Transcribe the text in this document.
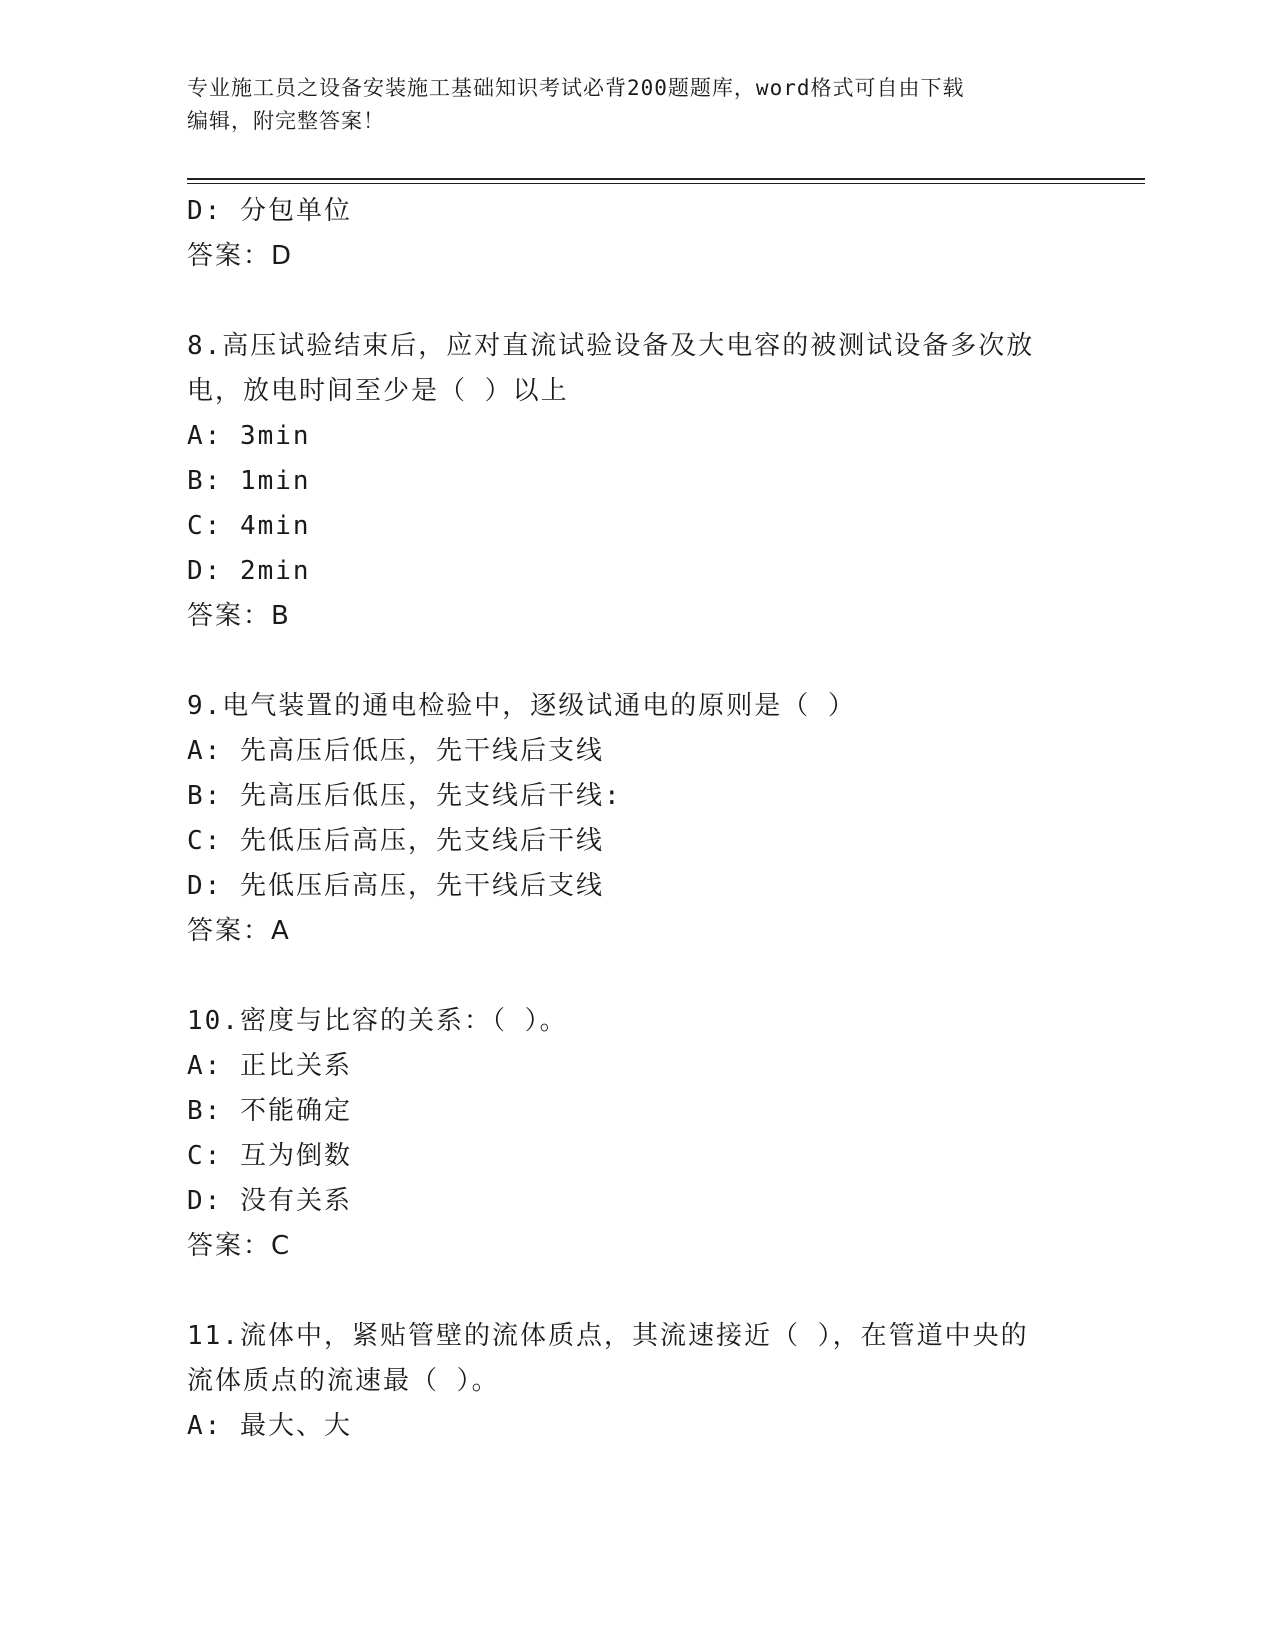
专业施工员之设备安装施工基础知识考试必背200题题库，word格式可自由下载
编辑，附完整答案！
D: 分包单位
答案：D
8.高压试验结束后，应对直流试验设备及大电容的被测试设备多次放
电，放电时间至少是（ ）以上
A: 3min
B: 1min
C: 4min
D: 2min
答案：B
9.电气装置的通电检验中，逐级试通电的原则是（ ）
A: 先高压后低压，先干线后支线
B: 先高压后低压，先支线后干线:
C: 先低压后高压，先支线后干线
D: 先低压后高压，先干线后支线
答案：A
10.密度与比容的关系：（ ）。
A: 正比关系
B: 不能确定
C: 互为倒数
D: 没有关系
答案：C
11.流体中，紧贴管壁的流体质点，其流速接近（ ），在管道中央的
流体质点的流速最（ ）。
A: 最大、大
